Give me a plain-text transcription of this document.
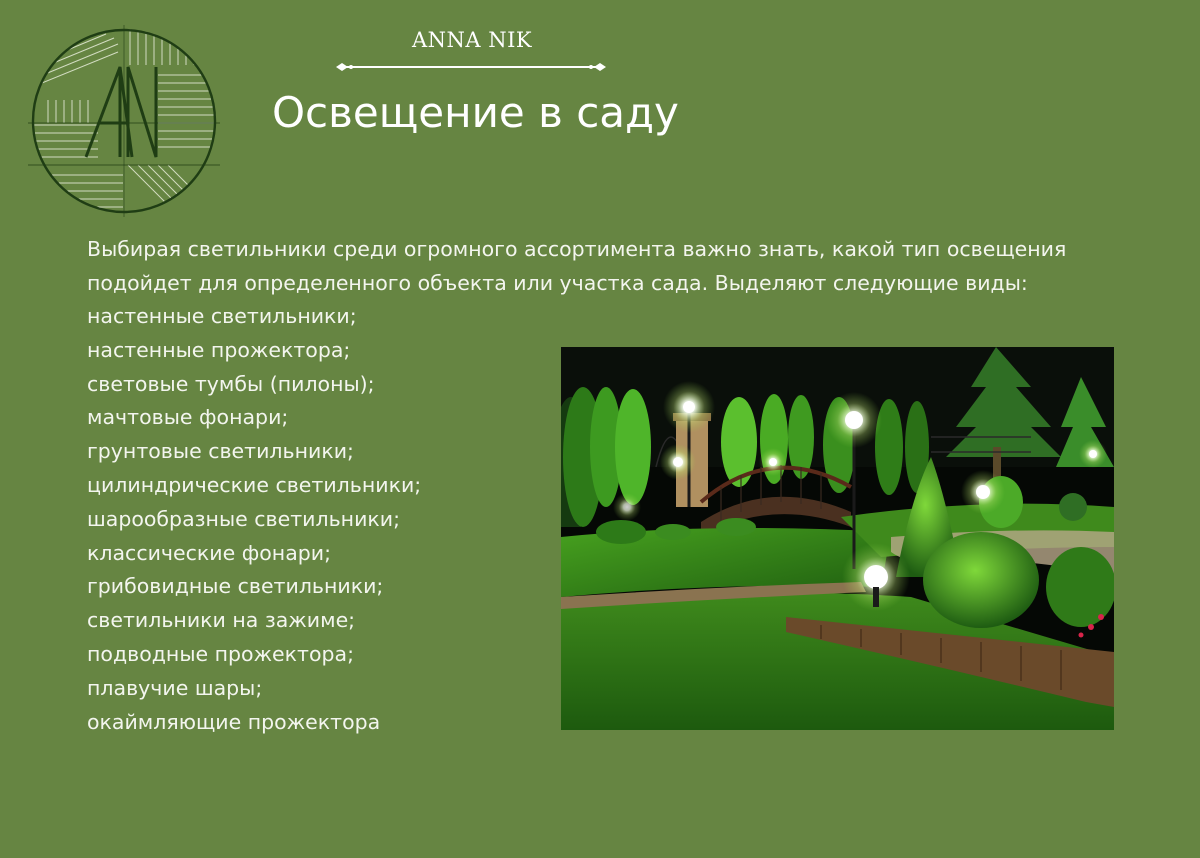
ANNA NIK
Освещение в саду

Выбирая светильники среди огромного ассортимента важно знать, какой тип освещения подойдет для определенного объекта или участка сада. Выделяют следующие виды:

настенные светильники;
настенные прожектора;
световые тумбы (пилоны);
мачтовые фонари;
грунтовые светильники;
цилиндрические светильники;
шарообразные светильники;
классические фонари;
грибовидные светильники;
светильники на зажиме;
подводные прожектора;
плавучие шары;
окаймляющие прожектора
